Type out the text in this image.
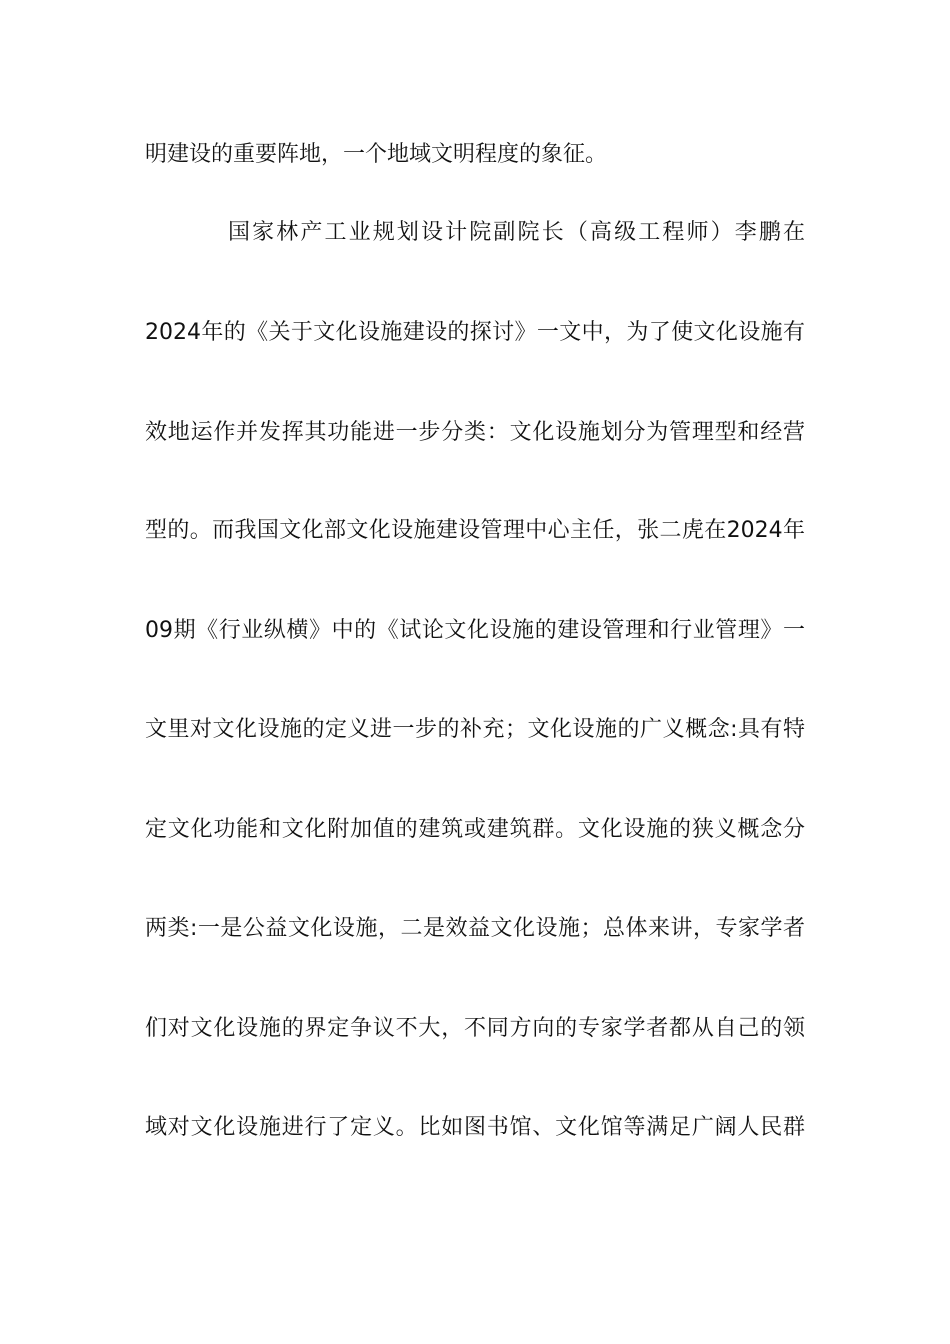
明建设的重要阵地，一个地域文明程度的象征。
国家林产工业规划设计院副院长（高级工程师）李鹏在
2024年的《关于文化设施建设的探讨》一文中，为了使文化设施有
效地运作并发挥其功能进一步分类：文化设施划分为管理型和经营
型的。而我国文化部文化设施建设管理中心主任，张二虎在2024年
09期《行业纵横》中的《试论文化设施的建设管理和行业管理》一
文里对文化设施的定义进一步的补充；文化设施的广义概念:具有特
定文化功能和文化附加值的建筑或建筑群。文化设施的狭义概念分
两类:一是公益文化设施，二是效益文化设施；总体来讲，专家学者
们对文化设施的界定争议不大，不同方向的专家学者都从自己的领
域对文化设施进行了定义。比如图书馆、文化馆等满足广阔人民群
